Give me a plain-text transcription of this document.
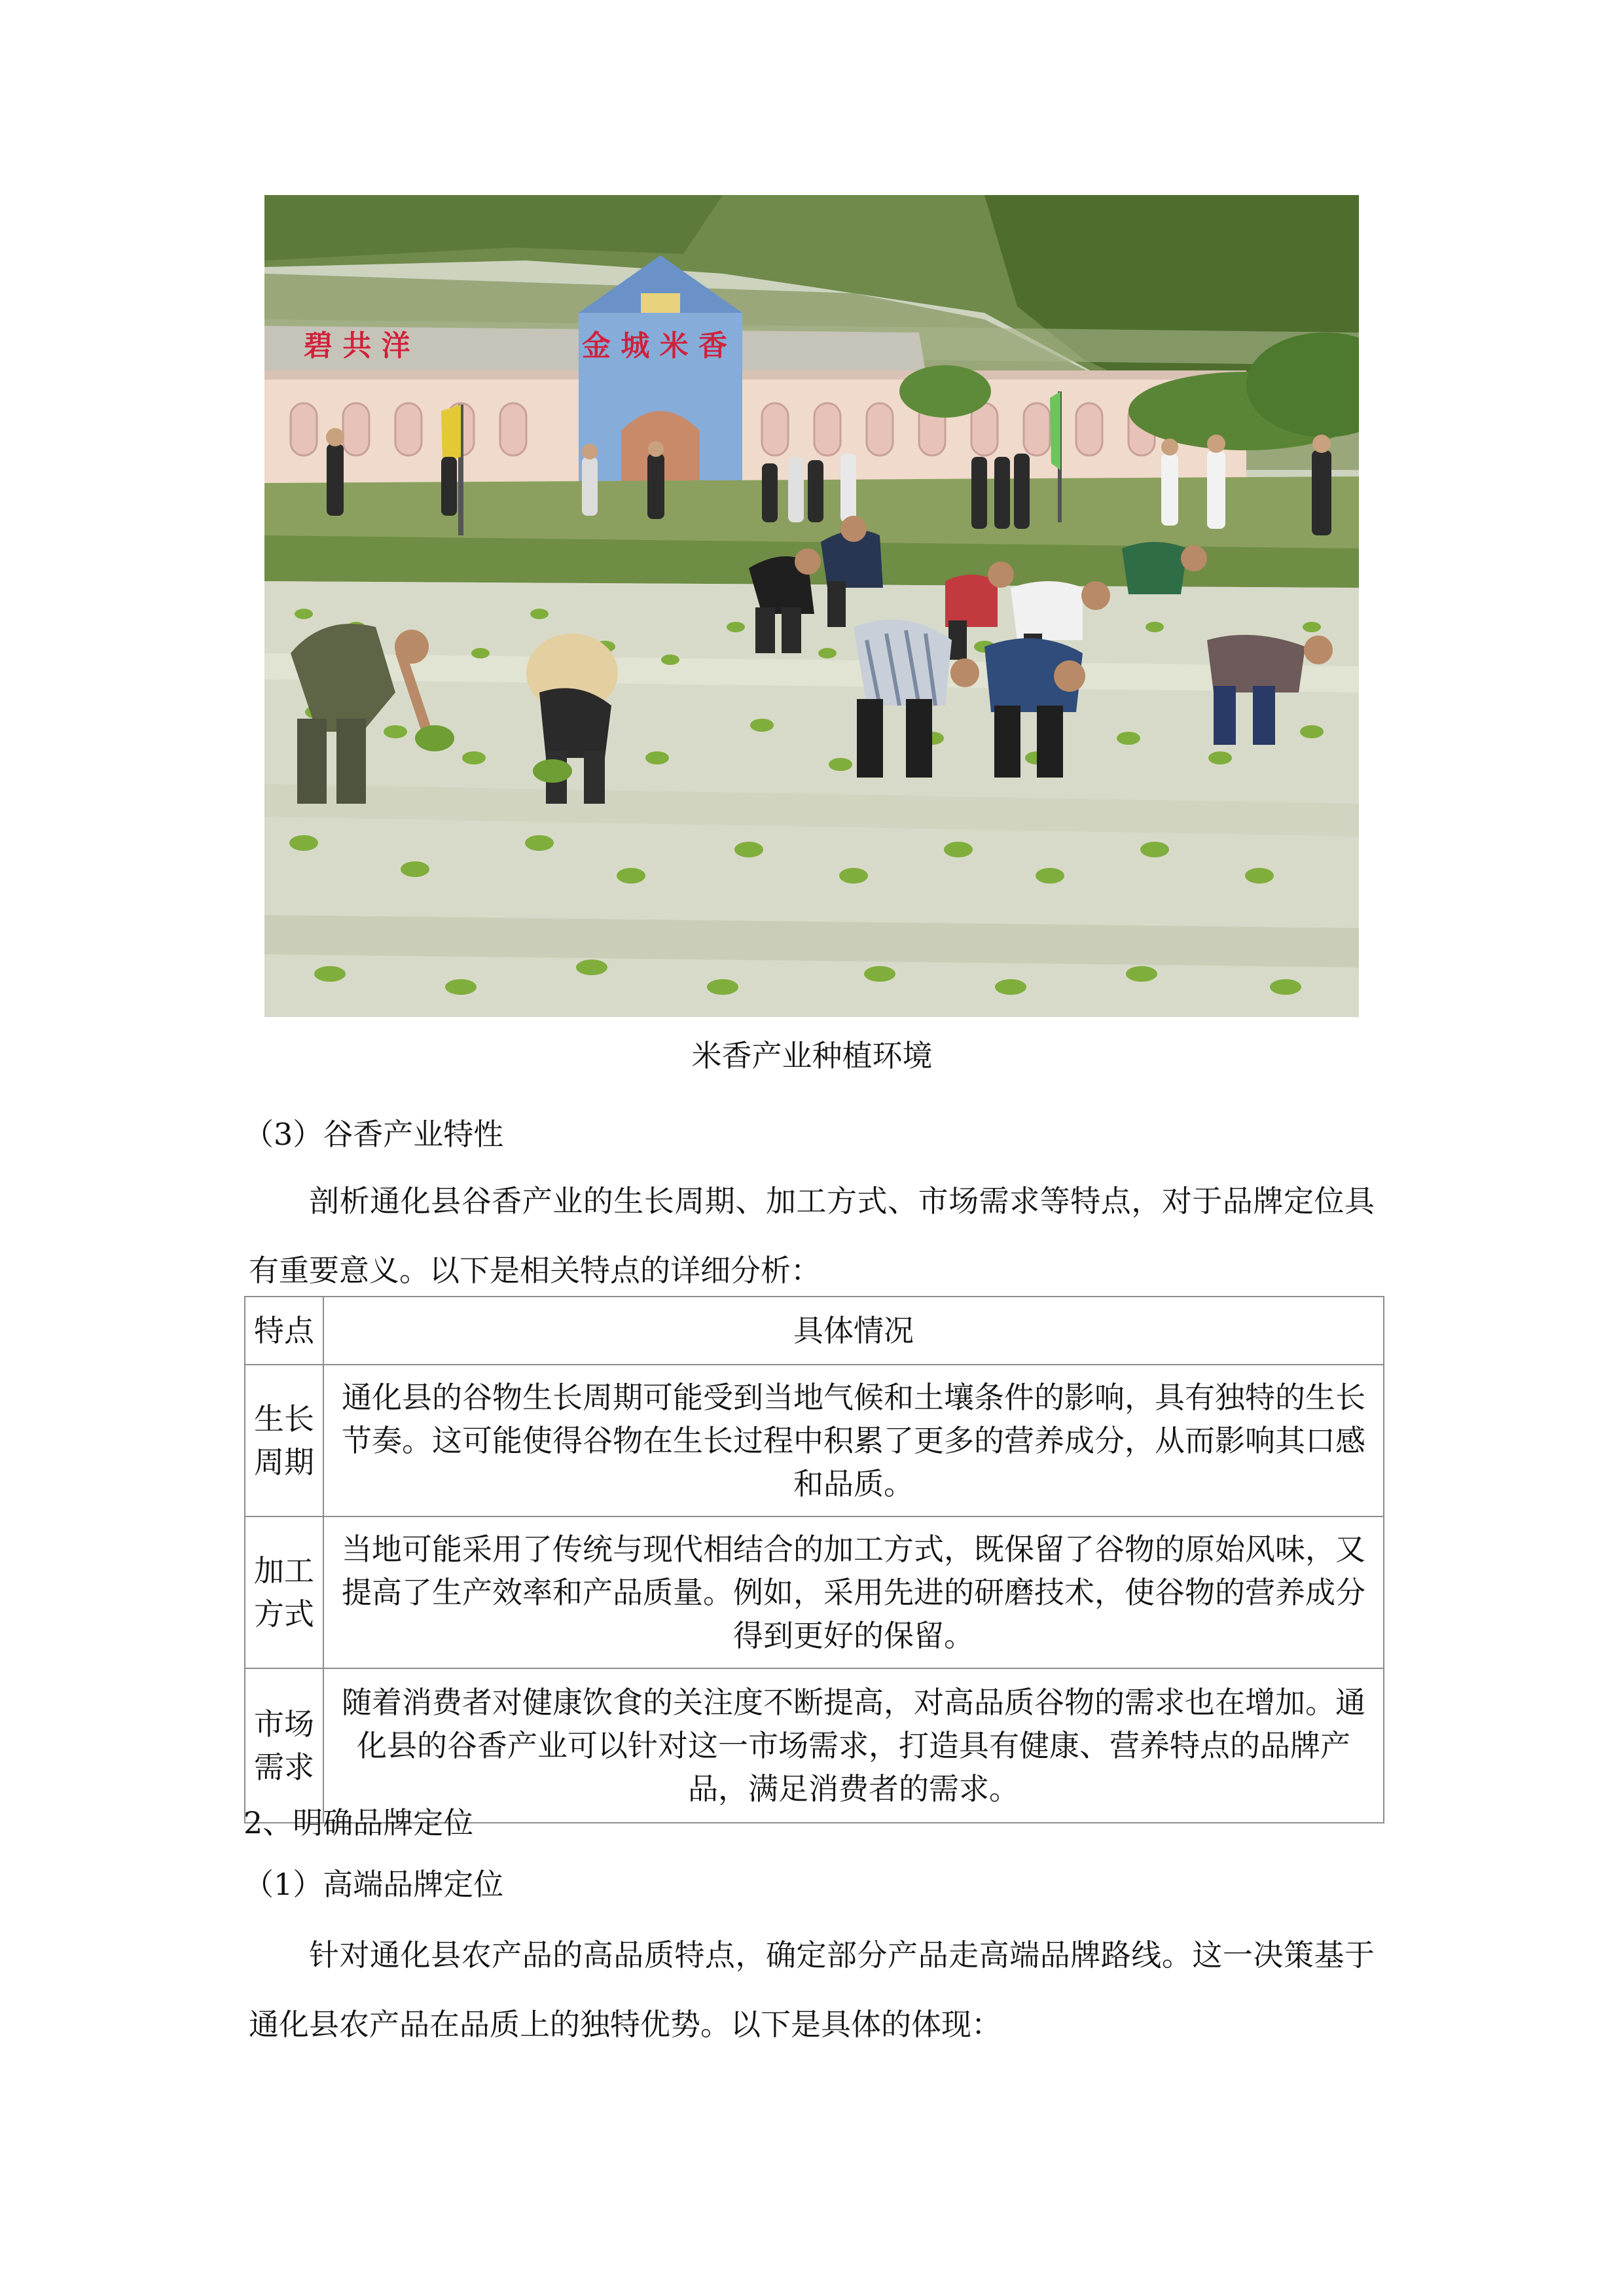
碧 共 洋	金 城 米 香
米香产业种植环境
（3）谷香产业特性
剖析通化县谷香产业的生长周期、加工方式、市场需求等特点，对于品牌定位具有重要意义。以下是相关特点的详细分析：
特点	具体情况
生长周期	通化县的谷物生长周期可能受到当地气候和土壤条件的影响，具有独特的生长节奏。这可能使得谷物在生长过程中积累了更多的营养成分，从而影响其口感和品质。
加工方式	当地可能采用了传统与现代相结合的加工方式，既保留了谷物的原始风味，又提高了生产效率和产品质量。例如，采用先进的研磨技术，使谷物的营养成分得到更好的保留。
市场需求	随着消费者对健康饮食的关注度不断提高，对高品质谷物的需求也在增加。通化县的谷香产业可以针对这一市场需求，打造具有健康、营养特点的品牌产品，满足消费者的需求。
2、明确品牌定位
（1）高端品牌定位
针对通化县农产品的高品质特点，确定部分产品走高端品牌路线。这一决策基于通化县农产品在品质上的独特优势。以下是具体的体现：
